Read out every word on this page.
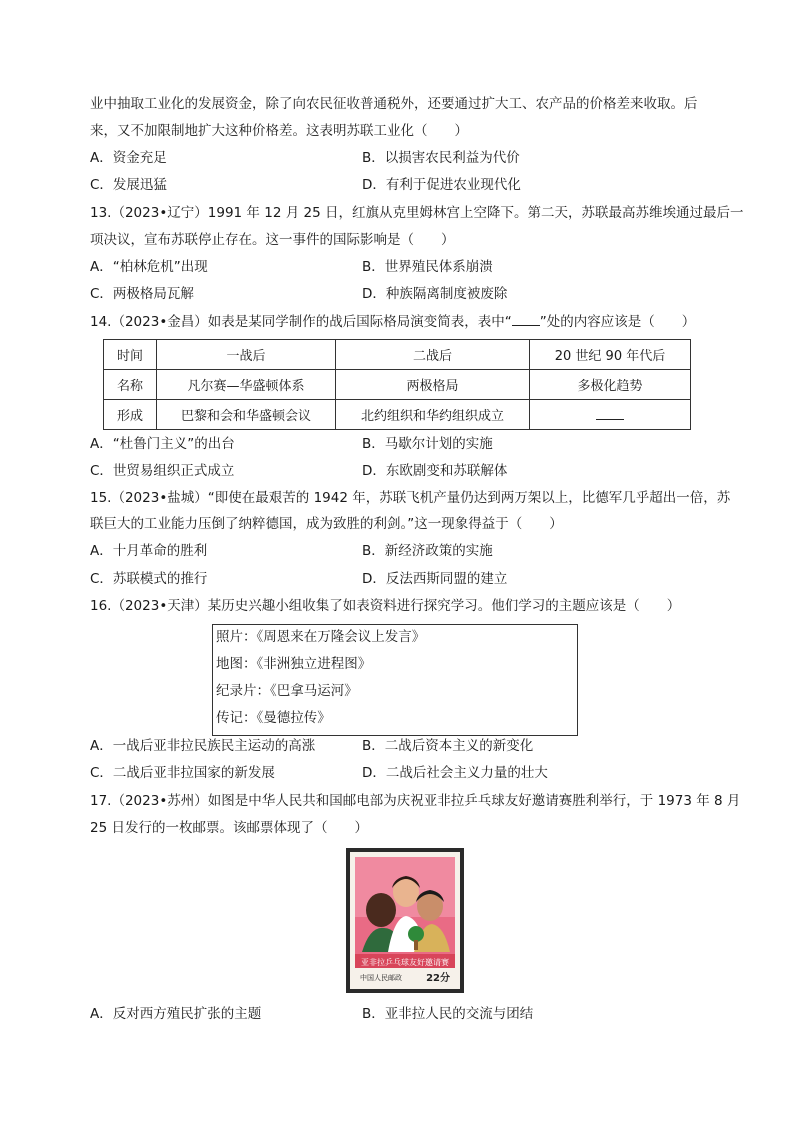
业中抽取工业化的发展资金，除了向农民征收普通税外，还要通过扩大工、农产品的价格差来收取。后
来，又不加限制地扩大这种价格差。这表明苏联工业化（　　）
A．资金充足	B．以损害农民利益为代价
C．发展迅猛	D．有利于促进农业现代化
13.（2023•辽宁）1991 年 12 月 25 日，红旗从克里姆林宫上空降下。第二天，苏联最高苏维埃通过最后一
项决议，宣布苏联停止存在。这一事件的国际影响是（　　）
A．“柏林危机”出现	B．世界殖民体系崩溃
C．两极格局瓦解	D．种族隔离制度被废除
14.（2023•金昌）如表是某同学制作的战后国际格局演变简表，表中“ ”处的内容应该是（　　）
时间	一战后	二战后	20 世纪 90 年代后
名称	凡尔赛—华盛顿体系	两极格局	多极化趋势
形成	巴黎和会和华盛顿会议	北约组织和华约组织成立	
A．“杜鲁门主义”的出台	B．马歇尔计划的实施
C．世贸易组织正式成立	D．东欧剧变和苏联解体
15.（2023•盐城）“即使在最艰苦的 1942 年，苏联飞机产量仍达到两万架以上，比德军几乎超出一倍，苏
联巨大的工业能力压倒了纳粹德国，成为致胜的利剑。”这一现象得益于（　　）
A．十月革命的胜利	B．新经济政策的实施
C．苏联模式的推行	D．反法西斯同盟的建立
16.（2023•天津）某历史兴趣小组收集了如表资料进行探究学习。他们学习的主题应该是（　　）
照片：《周恩来在万隆会议上发言》
地图：《非洲独立进程图》
纪录片：《巴拿马运河》
传记：《曼德拉传》
A．一战后亚非拉民族民主运动的高涨	B．二战后资本主义的新变化
C．二战后亚非拉国家的新发展	D．二战后社会主义力量的壮大
17.（2023•苏州）如图是中华人民共和国邮电部为庆祝亚非拉乒乓球友好邀请赛胜利举行，于 1973 年 8 月
25 日发行的一枚邮票。该邮票体现了（　　）
亚非拉乒乓球友好邀请赛
中国人民邮政 22分
A．反对西方殖民扩张的主题	B．亚非拉人民的交流与团结
